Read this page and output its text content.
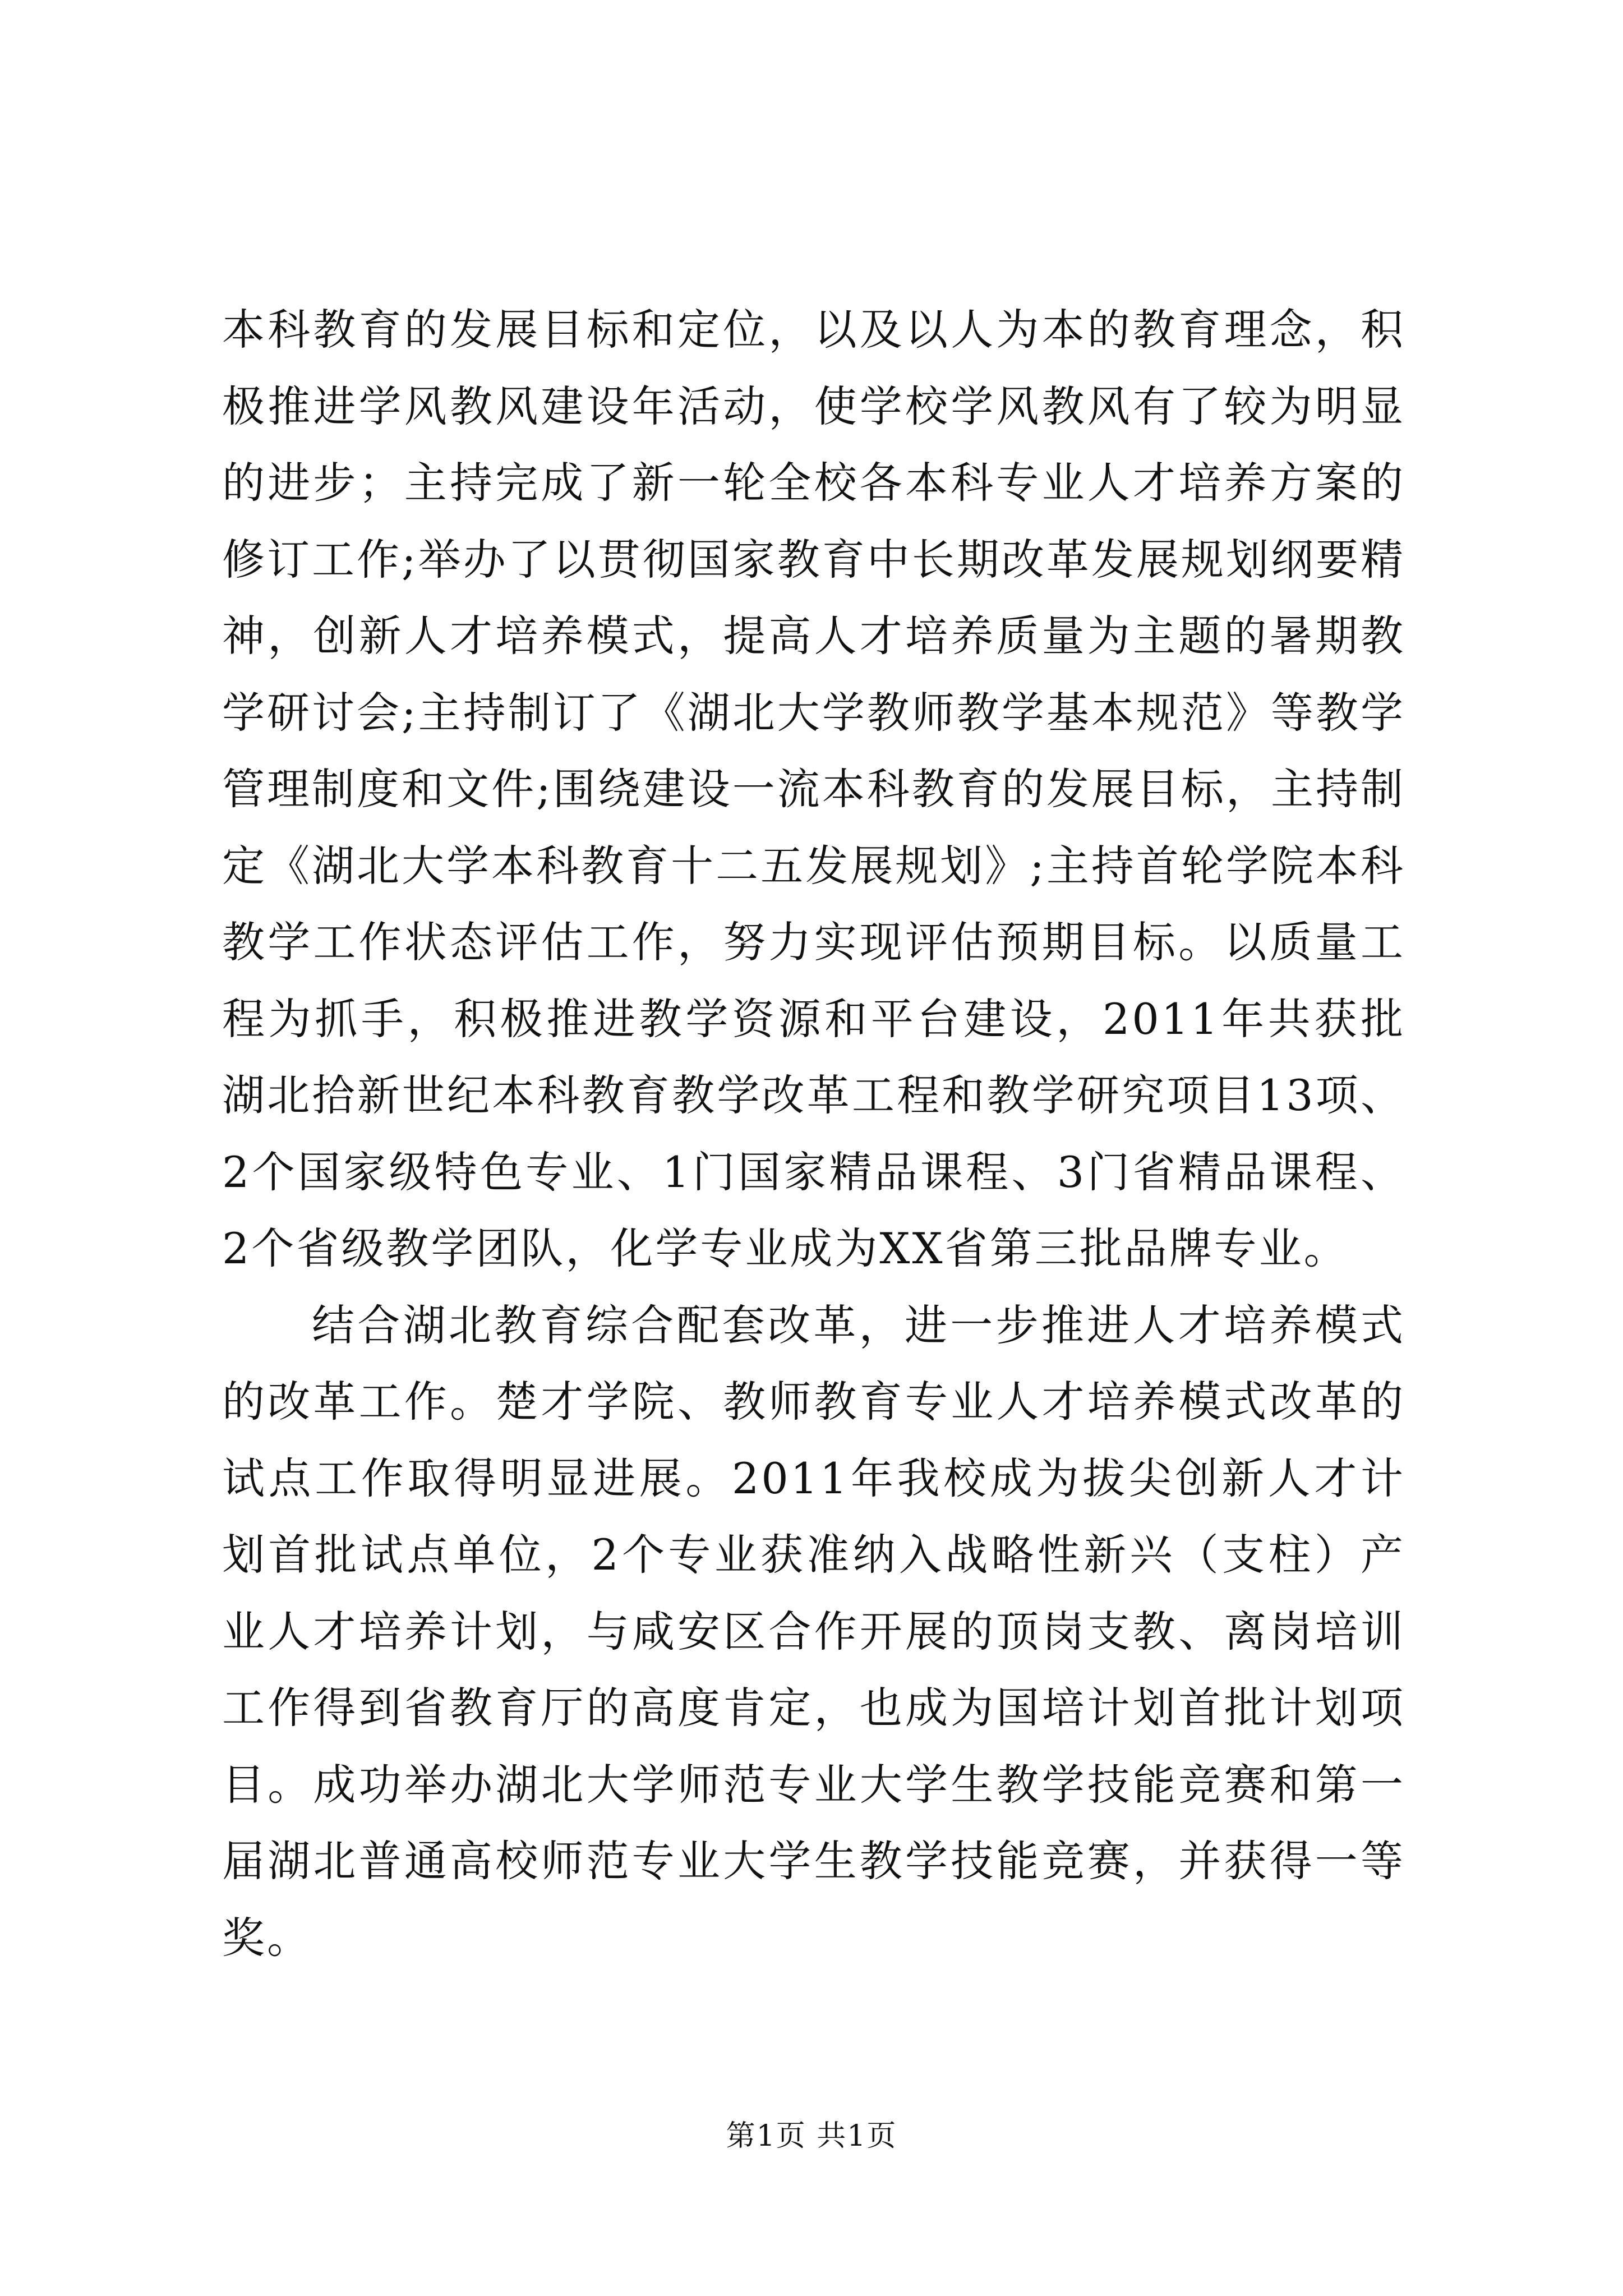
本科教育的发展目标和定位，以及以人为本的教育理念，积极推进学风教风建设年活动，使学校学风教风有了较为明显的进步；主持完成了新一轮全校各本科专业人才培养方案的修订工作;举办了以贯彻国家教育中长期改革发展规划纲要精神，创新人才培养模式，提高人才培养质量为主题的暑期教学研讨会;主持制订了《湖北大学教师教学基本规范》等教学管理制度和文件;围绕建设一流本科教育的发展目标，主持制定《湖北大学本科教育十二五发展规划》;主持首轮学院本科教学工作状态评估工作，努力实现评估预期目标。以质量工程为抓手，积极推进教学资源和平台建设，2011年共获批湖北拾新世纪本科教育教学改革工程和教学研究项目13项、2个国家级特色专业、1门国家精品课程、3门省精品课程、2个省级教学团队，化学专业成为XX省第三批品牌专业。

结合湖北教育综合配套改革，进一步推进人才培养模式的改革工作。楚才学院、教师教育专业人才培养模式改革的试点工作取得明显进展。2011年我校成为拔尖创新人才计划首批试点单位，2个专业获准纳入战略性新兴（支柱）产业人才培养计划，与咸安区合作开展的顶岗支教、离岗培训工作得到省教育厅的高度肯定，也成为国培计划首批计划项目。成功举办湖北大学师范专业大学生教学技能竞赛和第一届湖北普通高校师范专业大学生教学技能竞赛，并获得一等奖。

第1页 共1页
